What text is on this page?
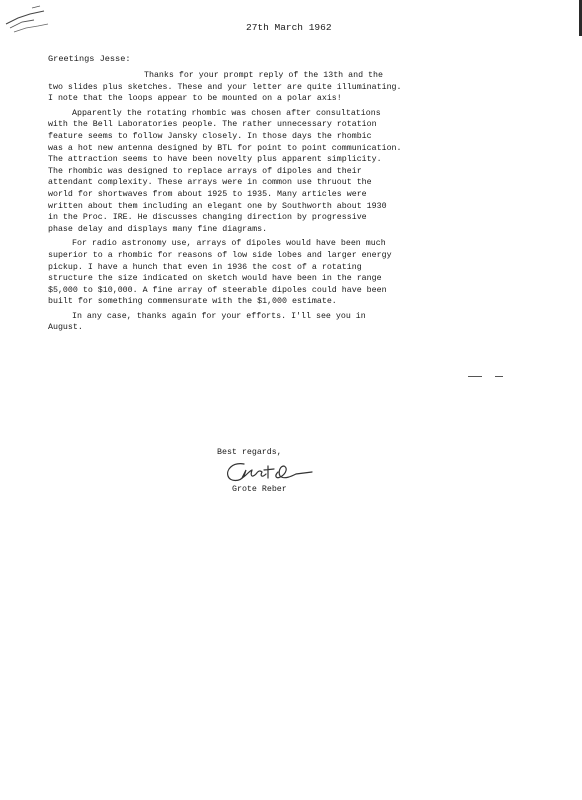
27th March 1962
Greetings Jesse:
Thanks for your prompt reply of the 13th and the
two slides plus sketches. These and your letter are quite illuminating.
I note that the loops appear to be mounted on a polar axis!
Apparently the rotating rhombic was chosen after consultations
with the Bell Laboratories people. The rather unnecessary rotation
feature seems to follow Jansky closely. In those days the rhombic
was a hot new antenna designed by BTL for point to point communication.
The attraction seems to have been novelty plus apparent simplicity.
The rhombic was designed to replace arrays of dipoles and their
attendant complexity. These arrays were in common use thruout the
world for shortwaves from about 1925 to 1935. Many articles were
written about them including an elegant one by Southworth about 1930
in the Proc. IRE. He discusses changing direction by progressive
phase delay and displays many fine diagrams.
For radio astronomy use, arrays of dipoles would have been much
superior to a rhombic for reasons of low side lobes and larger energy
pickup. I have a hunch that even in 1936 the cost of a rotating
structure the size indicated on sketch would have been in the range
$5,000 to $10,000. A fine array of steerable dipoles could have been
built for something commensurate with the $1,000 estimate.
In any case, thanks again for your efforts. I'll see you in
August.
Best regards,
Grote Reber
